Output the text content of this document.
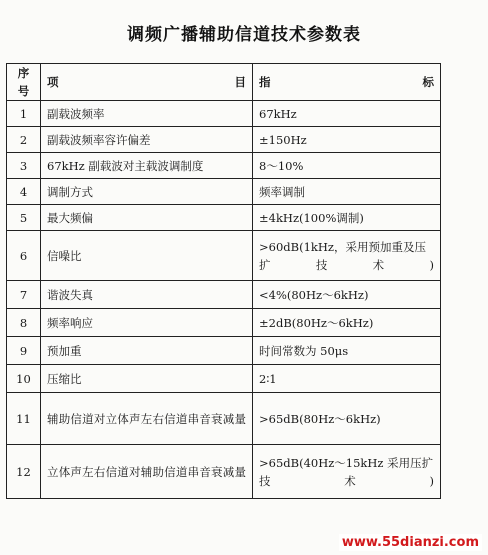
调频广播辅助信道技术参数表
序号	项　　　　目	指　　　　标
1	副载波频率	67kHz
2	副载波频率容许偏差	±150Hz
3	67kHz 副载波对主载波调制度	8～10%
4	调制方式	频率调制
5	最大频偏	±4kHz(100%调制)
6	信噪比	>60dB(1kHz，采用预加重及压扩技术)
7	谐波失真	<4%(80Hz～6kHz)
8	频率响应	±2dB(80Hz～6kHz)
9	预加重	时间常数为 50μs
10	压缩比	2∶1
11	辅助信道对立体声左右信道串音衰减量	>65dB(80Hz～6kHz)
12	立体声左右信道对辅助信道串音衰减量	>65dB(40Hz～15kHz 采用压扩技术)
www.55dianzi.com
